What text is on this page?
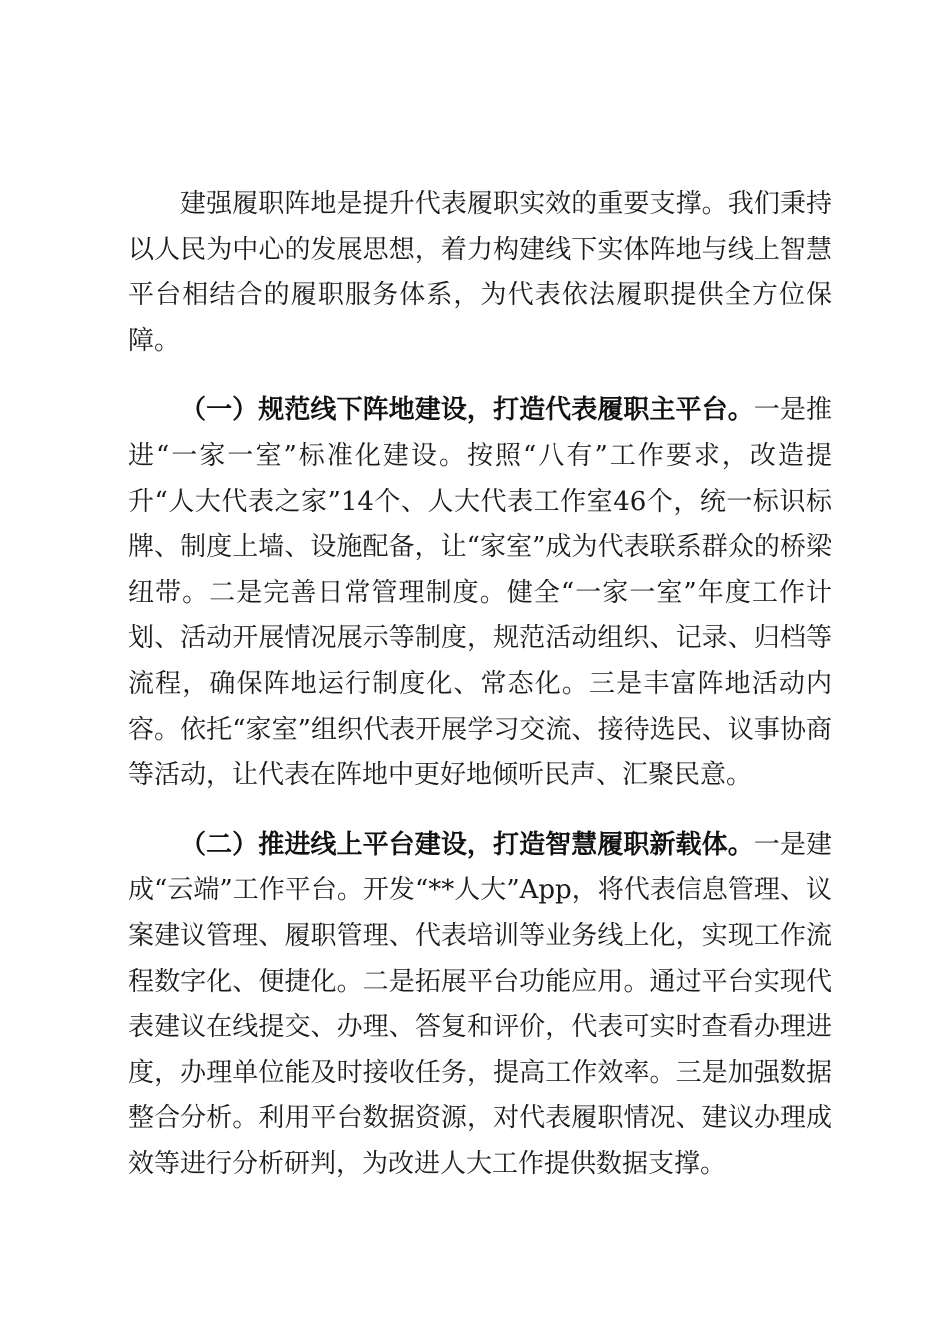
建强履职阵地是提升代表履职实效的重要支撑。我们秉持以人民为中心的发展思想，着力构建线下实体阵地与线上智慧平台相结合的履职服务体系，为代表依法履职提供全方位保障。

（一）规范线下阵地建设，打造代表履职主平台。一是推进“一家一室”标准化建设。按照“八有”工作要求，改造提升“人大代表之家”14个、人大代表工作室46个，统一标识标牌、制度上墙、设施配备，让“家室”成为代表联系群众的桥梁纽带。二是完善日常管理制度。健全“一家一室”年度工作计划、活动开展情况展示等制度，规范活动组织、记录、归档等流程，确保阵地运行制度化、常态化。三是丰富阵地活动内容。依托“家室”组织代表开展学习交流、接待选民、议事协商等活动，让代表在阵地中更好地倾听民声、汇聚民意。

（二）推进线上平台建设，打造智慧履职新载体。一是建成“云端”工作平台。开发“**人大”App，将代表信息管理、议案建议管理、履职管理、代表培训等业务线上化，实现工作流程数字化、便捷化。二是拓展平台功能应用。通过平台实现代表建议在线提交、办理、答复和评价，代表可实时查看办理进度，办理单位能及时接收任务，提高工作效率。三是加强数据整合分析。利用平台数据资源，对代表履职情况、建议办理成效等进行分析研判，为改进人大工作提供数据支撑。
